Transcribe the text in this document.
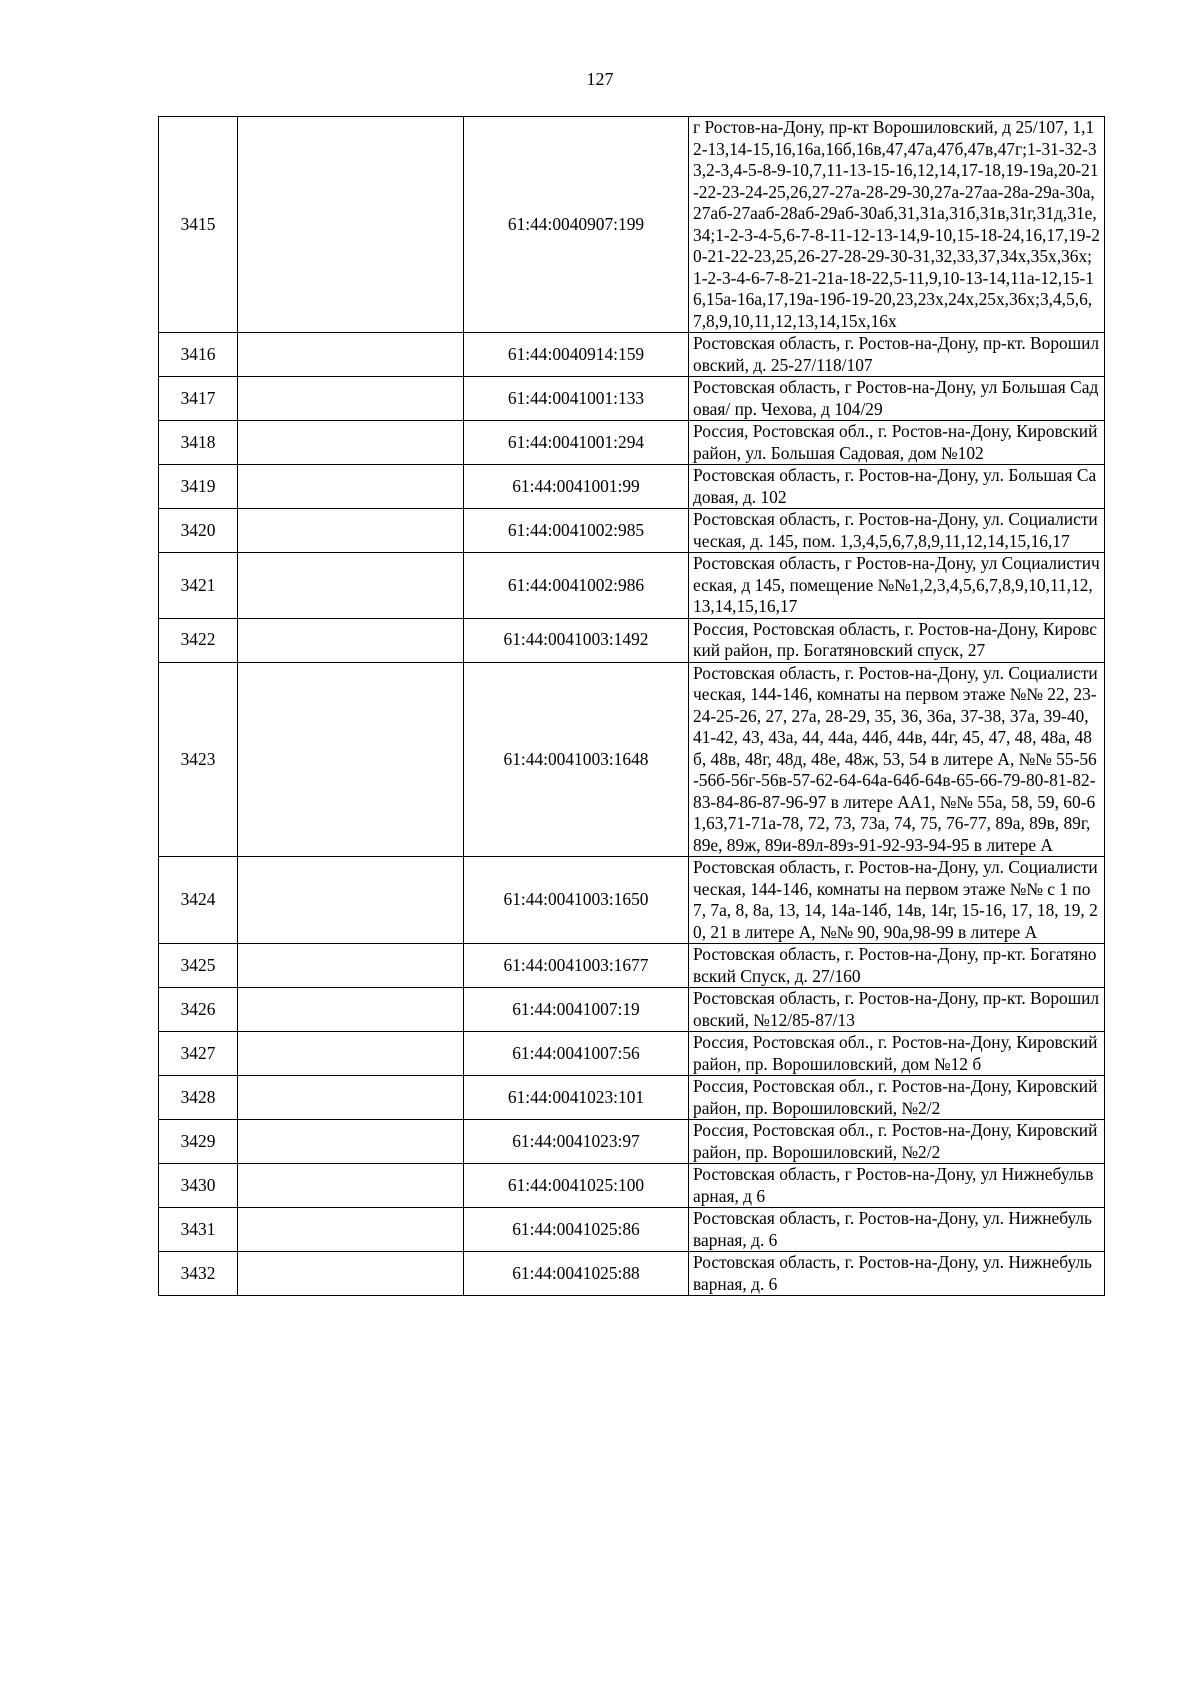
127
3415		61:44:0040907:199	г Ростов-на-Дону, пр-кт Ворошиловский, д 25/107, 1,12-13,14-15,16,16а,16б,16в,47,47а,47б,47в,47г;1-31-32-33,2-3,4-5-8-9-10,7,11-13-15-16,12,14,17-18,19-19а,20-21-22-23-24-25,26,27-27а-28-29-30,27а-27аа-28а-29а-30а,27аб-27ааб-28аб-29аб-30аб,31,31а,31б,31в,31г,31д,31е,34;1-2-3-4-5,6-7-8-11-12-13-14,9-10,15-18-24,16,17,19-20-21-22-23,25,26-27-28-29-30-31,32,33,37,34х,35х,36х;1-2-3-4-6-7-8-21-21а-18-22,5-11,9,10-13-14,11а-12,15-16,15а-16а,17,19а-19б-19-20,23,23х,24х,25х,36х;3,4,5,6,7,8,9,10,11,12,13,14,15х,16х
3416		61:44:0040914:159	Ростовская область, г. Ростов-на-Дону, пр-кт. Ворошиловский, д. 25-27/118/107
3417		61:44:0041001:133	Ростовская область, г Ростов-на-Дону, ул Большая Садовая/ пр. Чехова, д 104/29
3418		61:44:0041001:294	Россия, Ростовская обл., г. Ростов-на-Дону, Кировский район, ул. Большая Садовая, дом №102
3419		61:44:0041001:99	Ростовская область, г. Ростов-на-Дону, ул. Большая Садовая, д. 102
3420		61:44:0041002:985	Ростовская область, г. Ростов-на-Дону, ул. Социалистическая, д. 145, пом. 1,3,4,5,6,7,8,9,11,12,14,15,16,17
3421		61:44:0041002:986	Ростовская область, г Ростов-на-Дону, ул Социалистическая, д 145, помещение №№1,2,3,4,5,6,7,8,9,10,11,12,13,14,15,16,17
3422		61:44:0041003:1492	Россия, Ростовская область, г. Ростов-на-Дону, Кировский район, пр. Богатяновский спуск, 27
3423		61:44:0041003:1648	Ростовская область, г. Ростов-на-Дону, ул. Социалистическая, 144-146, комнаты на первом этаже №№ 22, 23-24-25-26, 27, 27а, 28-29, 35, 36, 36а, 37-38, 37а, 39-40, 41-42, 43, 43а, 44, 44а, 44б, 44в, 44г, 45, 47, 48, 48а, 48б, 48в, 48г, 48д, 48е, 48ж, 53, 54 в литере А, №№ 55-56-56б-56г-56в-57-62-64-64а-64б-64в-65-66-79-80-81-82-83-84-86-87-96-97 в литере АА1, №№ 55а, 58, 59, 60-61,63,71-71а-78, 72, 73, 73а, 74, 75, 76-77, 89а, 89в, 89г, 89е, 89ж, 89и-89л-89з-91-92-93-94-95 в литере А
3424		61:44:0041003:1650	Ростовская область, г. Ростов-на-Дону, ул. Социалистическая, 144-146, комнаты на первом этаже №№ с 1 по 7, 7а, 8, 8а, 13, 14, 14а-14б, 14в, 14г, 15-16, 17, 18, 19, 20, 21 в литере А, №№ 90, 90а,98-99 в литере А
3425		61:44:0041003:1677	Ростовская область, г. Ростов-на-Дону, пр-кт. Богатяновский Спуск, д. 27/160
3426		61:44:0041007:19	Ростовская область, г. Ростов-на-Дону, пр-кт. Ворошиловский, №12/85-87/13
3427		61:44:0041007:56	Россия, Ростовская обл., г. Ростов-на-Дону, Кировский район, пр. Ворошиловский, дом №12 б
3428		61:44:0041023:101	Россия, Ростовская обл., г. Ростов-на-Дону, Кировский район, пр. Ворошиловский, №2/2
3429		61:44:0041023:97	Россия, Ростовская обл., г. Ростов-на-Дону, Кировский район, пр. Ворошиловский, №2/2
3430		61:44:0041025:100	Ростовская область, г Ростов-на-Дону, ул Нижнебульварная, д 6
3431		61:44:0041025:86	Ростовская область, г. Ростов-на-Дону, ул. Нижнебульварная, д. 6
3432		61:44:0041025:88	Ростовская область, г. Ростов-на-Дону, ул. Нижнебульварная, д. 6
